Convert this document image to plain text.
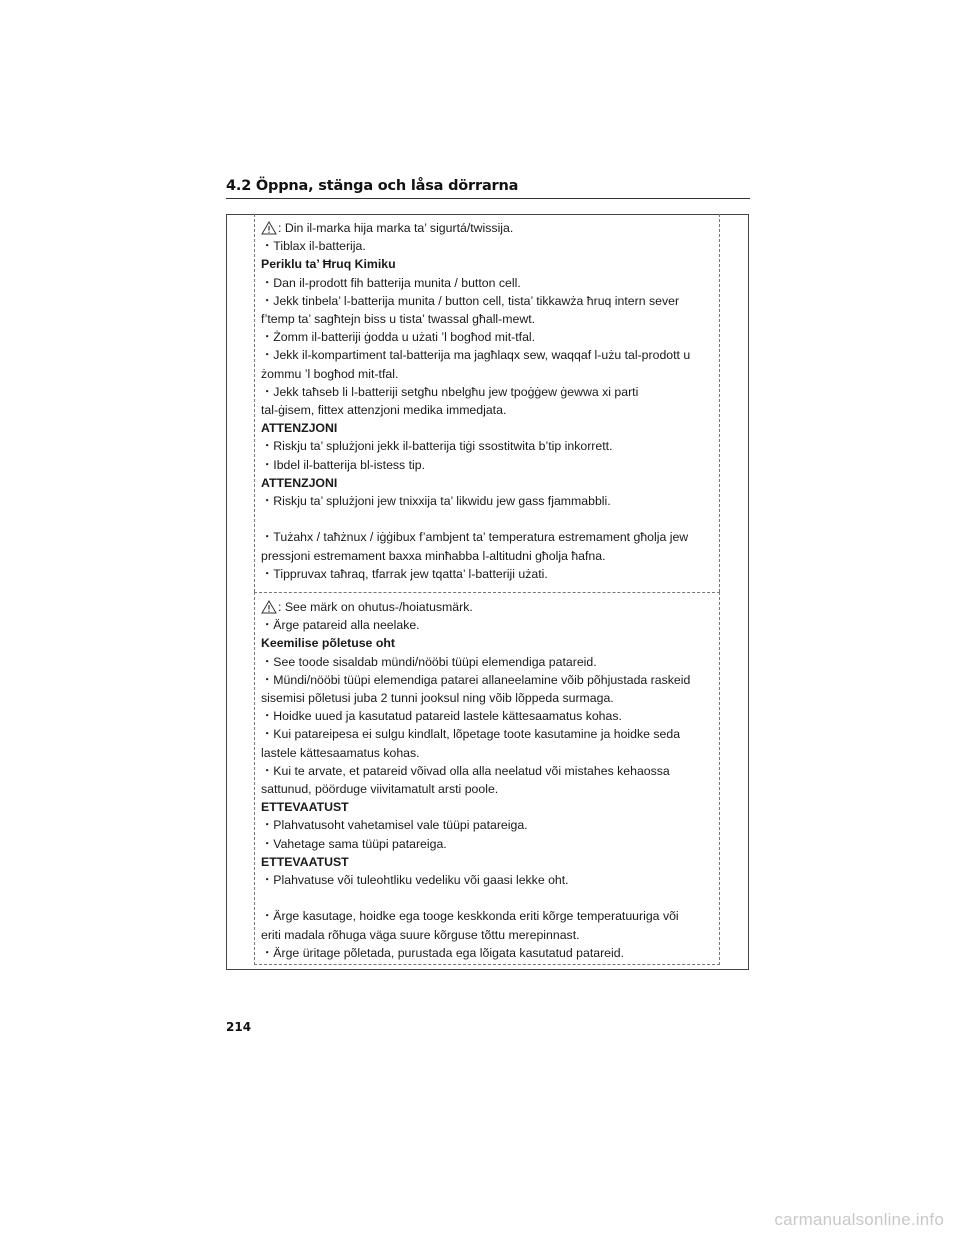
4.2 Öppna, stänga och låsa dörrarna
: Din il-marka hija marka ta’ sigurtá/twissija.
・Tiblax il-batterija.
Periklu ta’ Ħruq Kimiku
・Dan il-prodott fih batterija munita / button cell.
・Jekk tinbela’ l-batterija munita / button cell, tista’ tikkawża ħruq intern sever
f’temp ta’ sagħtejn biss u tista’ twassal għall-mewt.
・Żomm il-batteriji ġodda u użati ’l bogħod mit-tfal.
・Jekk il-kompartiment tal-batterija ma jagħlaqx sew, waqqaf l-użu tal-prodott u
żommu ’l bogħod mit-tfal.
・Jekk taħseb li l-batteriji setgħu nbelgħu jew tpoġġew ġewwa xi parti
tal-ġisem, fittex attenzjoni medika immedjata.
ATTENZJONI
・Riskju ta’ splużjoni jekk il-batterija tiġi ssostitwita b’tip inkorrett.
・Ibdel il-batterija bl-istess tip.
ATTENZJONI
・Riskju ta’ splużjoni jew tnixxija ta’ likwidu jew gass fjammabbli.
・Tużahx / taħżnux / iġġibux f’ambjent ta’ temperatura estremament għolja jew
pressjoni estremament baxxa minħabba l-altitudni għolja ħafna.
・Tippruvax taħraq, tfarrak jew tqatta’ l-batteriji użati.
: See märk on ohutus-/hoiatusmärk.
・Ärge patareid alla neelake.
Keemilise põletuse oht
・See toode sisaldab mündi/nööbi tüüpi elemendiga patareid.
・Mündi/nööbi tüüpi elemendiga patarei allaneelamine võib põhjustada raskeid
sisemisi põletusi juba 2 tunni jooksul ning võib lõppeda surmaga.
・Hoidke uued ja kasutatud patareid lastele kättesaamatus kohas.
・Kui patareipesa ei sulgu kindlalt, lõpetage toote kasutamine ja hoidke seda
lastele kättesaamatus kohas.
・Kui te arvate, et patareid võivad olla alla neelatud või mistahes kehaossa
sattunud, pöörduge viivitamatult arsti poole.
ETTEVAATUST
・Plahvatusoht vahetamisel vale tüüpi patareiga.
・Vahetage sama tüüpi patareiga.
ETTEVAATUST
・Plahvatuse või tuleohtliku vedeliku või gaasi lekke oht.
・Ärge kasutage, hoidke ega tooge keskkonda eriti kõrge temperatuuriga või
eriti madala rõhuga väga suure kõrguse tõttu merepinnast.
・Ärge üritage põletada, purustada ega lõigata kasutatud patareid.
214
carmanualsonline.info
